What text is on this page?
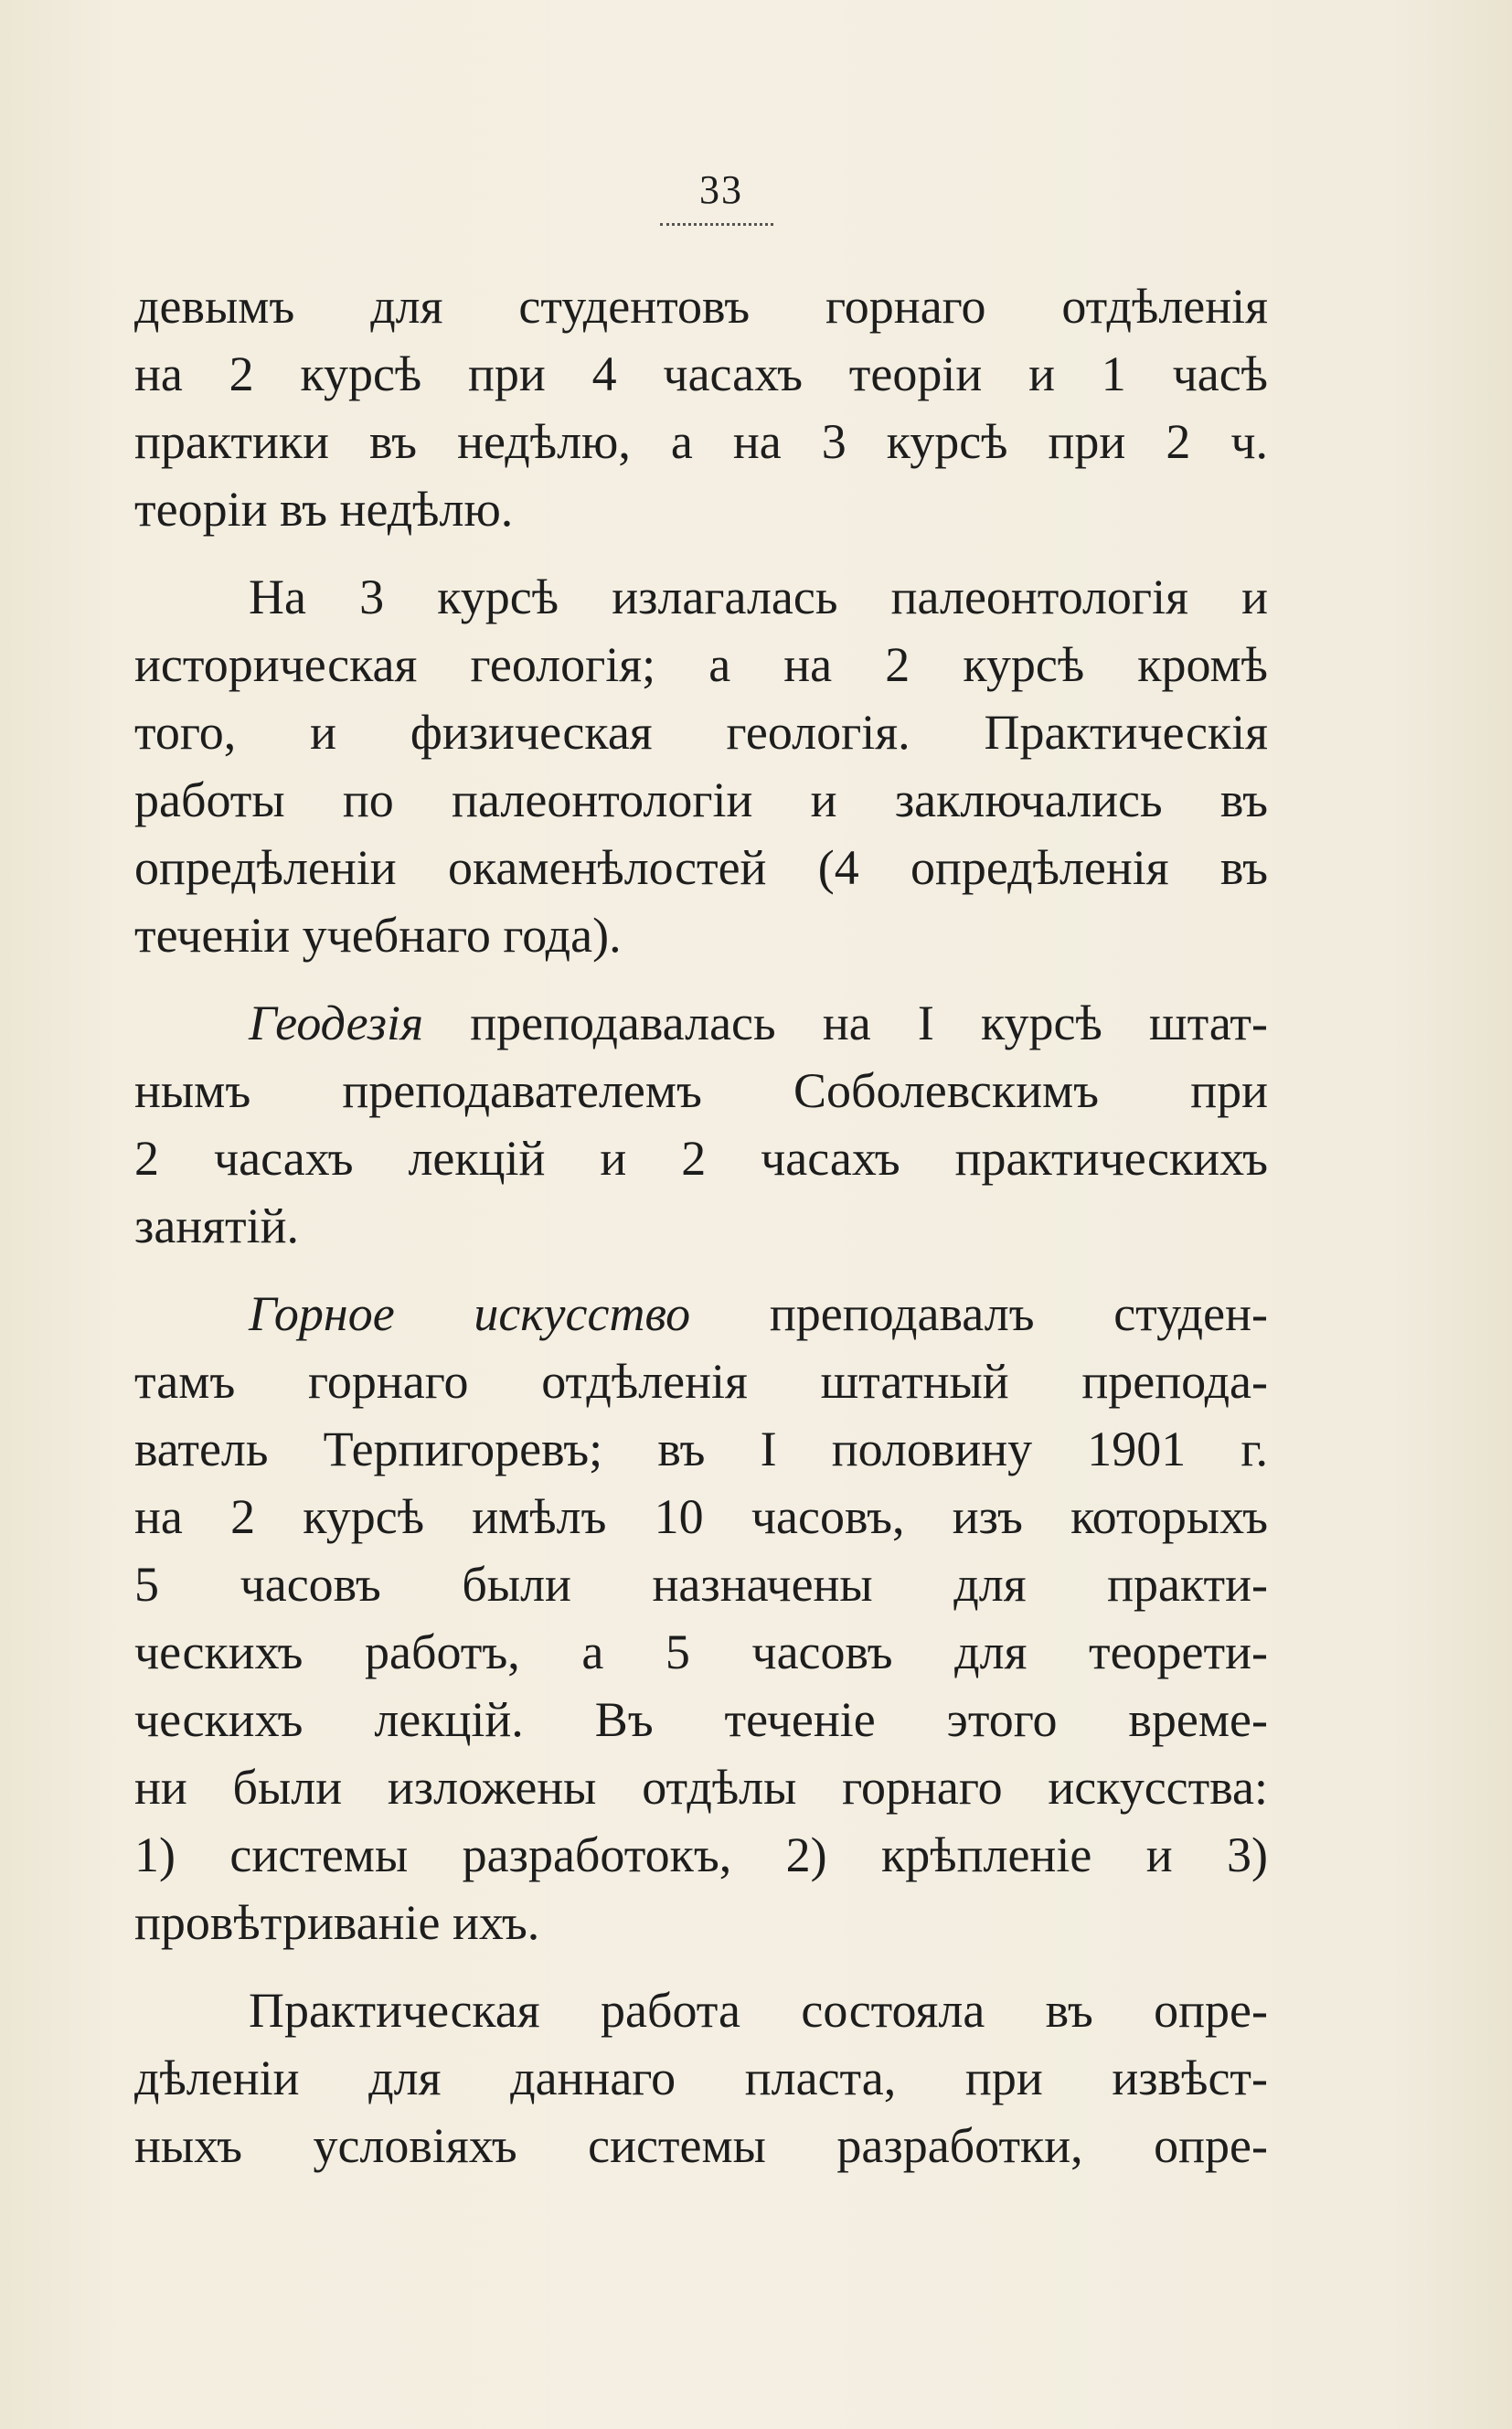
33
девымъ для студентовъ горнаго отдѣленія
на 2 курсѣ при 4 часахъ теоріи и 1 часѣ
практики въ недѣлю, а на 3 курсѣ при 2 ч.
теоріи въ недѣлю.
На 3 курсѣ излагалась палеонтологія и
историческая геологія; а на 2 курсѣ кромѣ
того, и физическая геологія. Практическія
работы по палеонтологіи и заключались въ
опредѣленіи окаменѣлостей (4 опредѣленія въ
теченіи учебнаго года).
Геодезія преподавалась на I курсѣ штат-
нымъ преподавателемъ Соболевскимъ при
2 часахъ лекцій и 2 часахъ практическихъ
занятій.
Горное искусство преподавалъ студен-
тамъ горнаго отдѣленія штатный препода-
ватель Терпигоревъ; въ I половину 1901 г.
на 2 курсѣ имѣлъ 10 часовъ, изъ которыхъ
5 часовъ были назначены для практи-
ческихъ работъ, а 5 часовъ для теорети-
ческихъ лекцій. Въ теченіе этого време-
ни были изложены отдѣлы горнаго искусства:
1) системы разработокъ, 2) крѣпленіе и 3)
провѣтриваніе ихъ.
Практическая работа состояла въ опре-
дѣленіи для даннаго пласта, при извѣст-
ныхъ условіяхъ системы разработки, опре-
